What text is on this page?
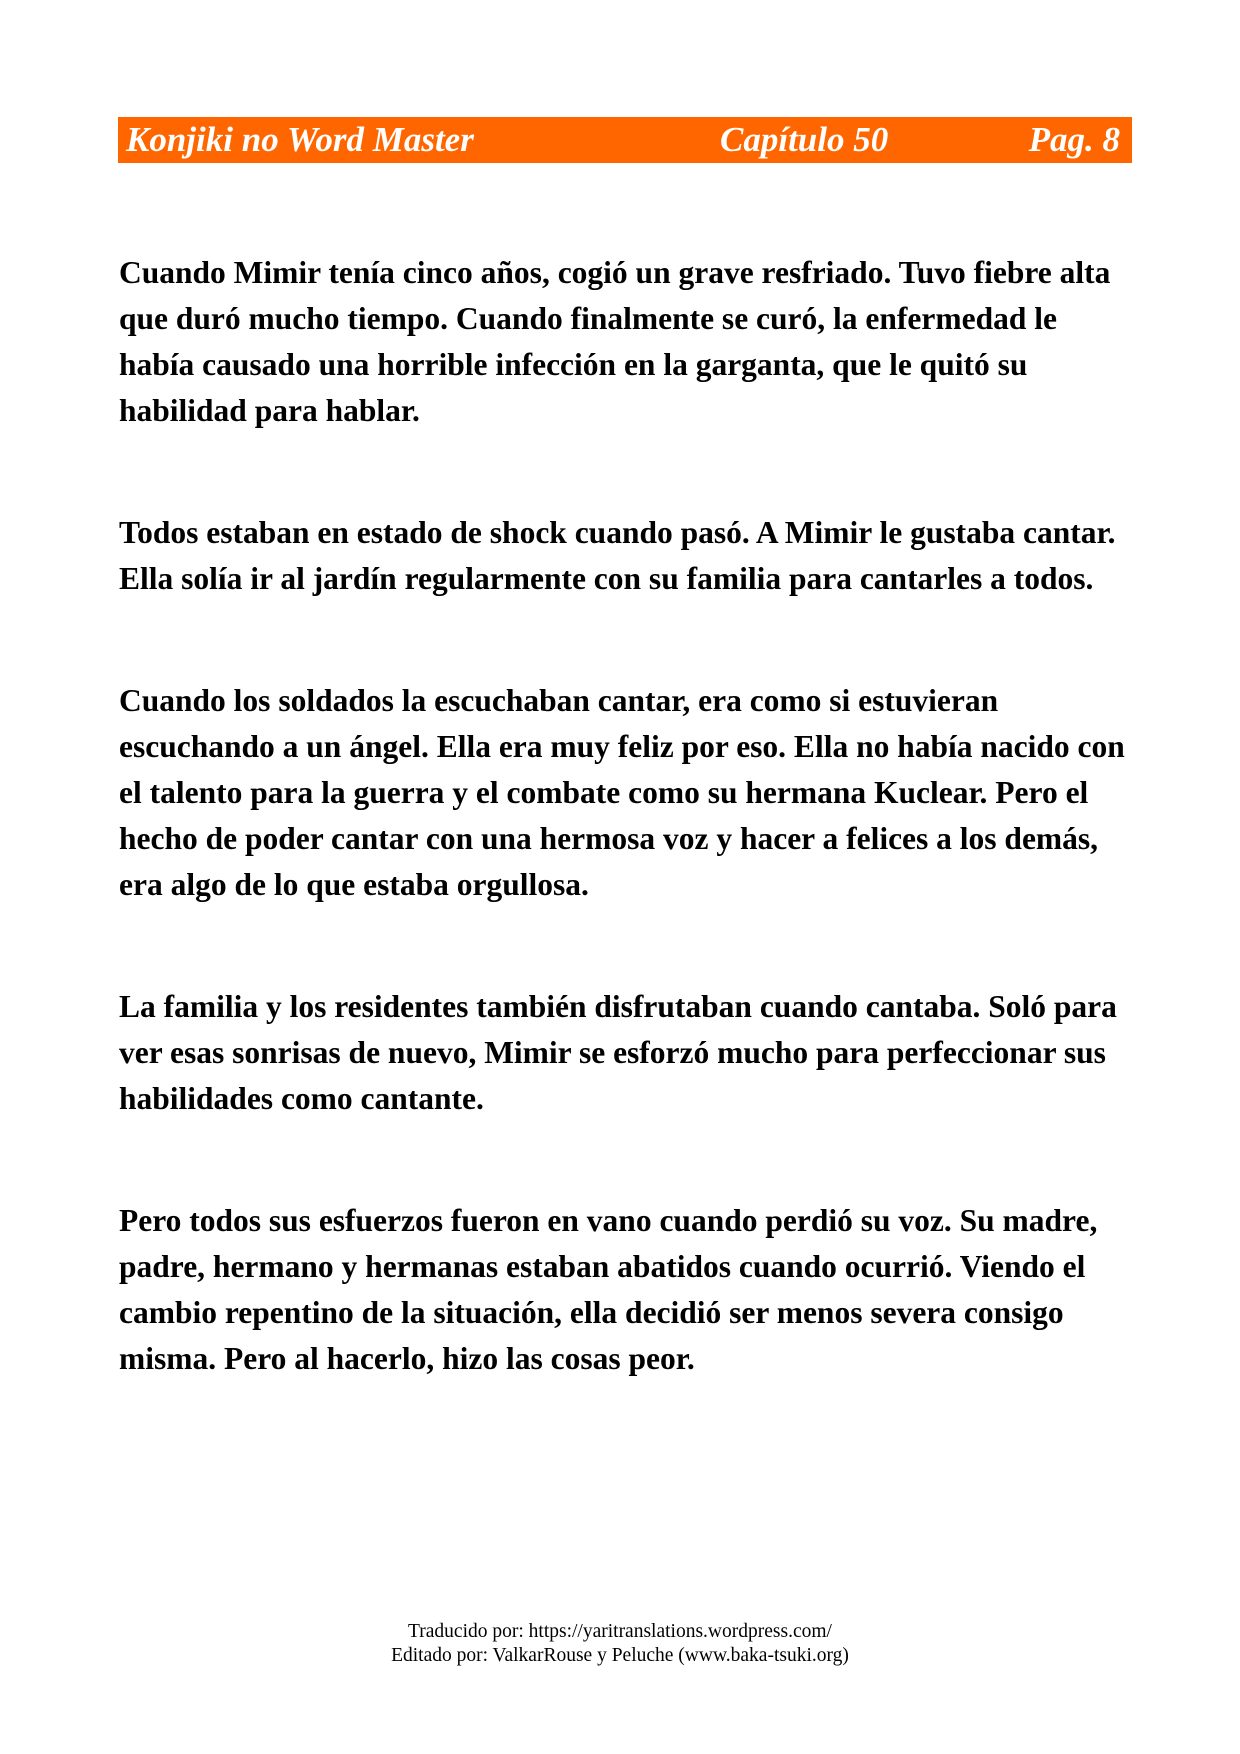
Konjiki no Word Master	Capítulo 50	Pag. 8

Cuando Mimir tenía cinco años, cogió un grave resfriado. Tuvo fiebre alta que duró mucho tiempo. Cuando finalmente se curó, la enfermedad le había causado una horrible infección en la garganta, que le quitó su habilidad para hablar.

Todos estaban en estado de shock cuando pasó. A Mimir le gustaba cantar. Ella solía ir al jardín regularmente con su familia para cantarles a todos.

Cuando los soldados la escuchaban cantar, era como si estuvieran escuchando a un ángel. Ella era muy feliz por eso. Ella no había nacido con el talento para la guerra y el combate como su hermana Kuclear. Pero el hecho de poder cantar con una hermosa voz y hacer a felices a los demás, era algo de lo que estaba orgullosa.

La familia y los residentes también disfrutaban cuando cantaba. Soló para ver esas sonrisas de nuevo, Mimir se esforzó mucho para perfeccionar sus habilidades como cantante.

Pero todos sus esfuerzos fueron en vano cuando perdió su voz. Su madre, padre, hermano y hermanas estaban abatidos cuando ocurrió. Viendo el cambio repentino de la situación, ella decidió ser menos severa consigo misma. Pero al hacerlo, hizo las cosas peor.

Traducido por: https://yaritranslations.wordpress.com/
Editado por: ValkarRouse y Peluche (www.baka-tsuki.org)
